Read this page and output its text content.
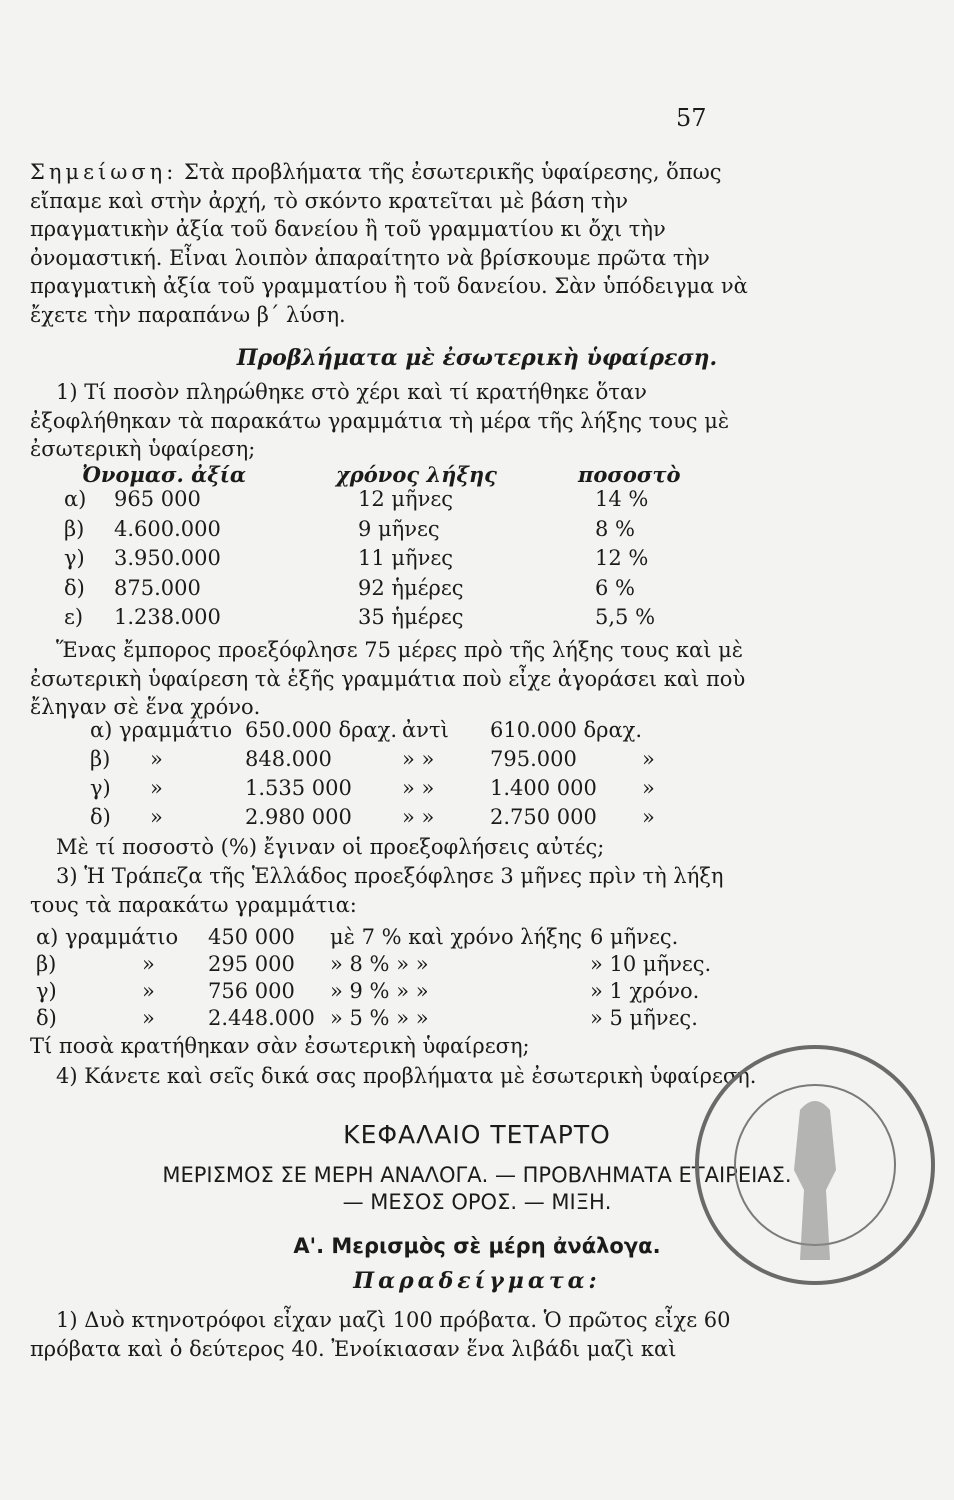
57
Σημείωση: Στὰ προβλήματα τῆς ἐσωτερικῆς ὑφαίρεσης, ὅπως εἴπαμε καὶ στὴν ἀρχή, τὸ σκόντο κρατεῖται μὲ βάση τὴν πραγματικὴν ἀξία τοῦ δανείου ἢ τοῦ γραμματίου κι ὄχι τὴν ὀνομαστική. Εἶναι λοιπὸν ἀπαραίτητο νὰ βρίσκουμε πρῶτα τὴν πραγματικὴ ἀξία τοῦ γραμματίου ἢ τοῦ δανείου. Σὰν ὑπόδειγμα νὰ ἔχετε τὴν παραπάνω β΄ λύση.
Προβλήματα μὲ ἐσωτερικὴ ὑφαίρεση.
1) Τί ποσὸν πληρώθηκε στὸ χέρι καὶ τί κρατήθηκε ὅταν ἐξοφλήθηκαν τὰ παρακάτω γραμμάτια τὴ μέρα τῆς λήξης τους μὲ ἐσωτερικὴ ὑφαίρεση;
Ὀνομασ. ἀξία	χρόνος λήξης	ποσοστὸ
α) 965 000	12 μῆνες	14 %
β) 4.600.000	9 μῆνες	8 %
γ) 3.950.000	11 μῆνες	12 %
δ) 875.000	92 ἡμέρες	6 %
ε) 1.238.000	35 ἡμέρες	5,5 %
Ἕνας ἔμπορος προεξόφλησε 75 μέρες πρὸ τῆς λήξης τους καὶ μὲ ἐσωτερικὴ ὑφαίρεση τὰ ἑξῆς γραμμάτια ποὺ εἶχε ἀγοράσει καὶ ποὺ ἔληγαν σὲ ἕνα χρόνο.
α) γραμμάτιο 650.000 δραχ. ἀντὶ 610.000 δραχ.
β) »	848.000	» »	795.000	»
γ) »	1.535 000 » »	1.400 000 »
δ) »	2.980 000 » »	2.750 000 »
Μὲ τί ποσοστὸ (%) ἔγιναν οἱ προεξοφλήσεις αὐτές;
3) Ἡ Τράπεζα τῆς Ἑλλάδος προεξόφλησε 3 μῆνες πρὶν τὴ λήξη τους τὰ παρακάτω γραμμάτια:
α) γραμμάτιο 450 000 μὲ 7 % καὶ χρόνο λήξης 6 μῆνες.
β)	»	295 000 » 8 % » »	» 10 μῆνες.
γ)	»	756 000 » 9 % » »	» 1 χρόνο.
δ)	»	2.448.000 » 5 % » »	» 5 μῆνες.
Τί ποσὰ κρατήθηκαν σὰν ἐσωτερικὴ ὑφαίρεση;
4) Κάνετε καὶ σεῖς δικά σας προβλήματα μὲ ἐσωτερικὴ ὑφαίρεση.
ΚΕΦΑΛΑΙΟ ΤΕΤΑΡΤΟ
ΜΕΡΙΣΜΟΣ ΣΕ ΜΕΡΗ ΑΝΑΛΟΓΑ. — ΠΡΟΒΛΗΜΑΤΑ ΕΤΑΙΡΕΙΑΣ.
— ΜΕΣΟΣ ΟΡΟΣ. — ΜΙΞΗ.
Α'. Μερισμὸς σὲ μέρη ἀνάλογα.
Παραδείγματα:
1) Δυὸ κτηνοτρόφοι εἶχαν μαζὶ 100 πρόβατα. Ὁ πρῶτος εἶχε 60 πρόβατα καὶ ὁ δεύτερος 40. Ἐνοίκιασαν ἕνα λιβάδι μαζὶ καὶ
